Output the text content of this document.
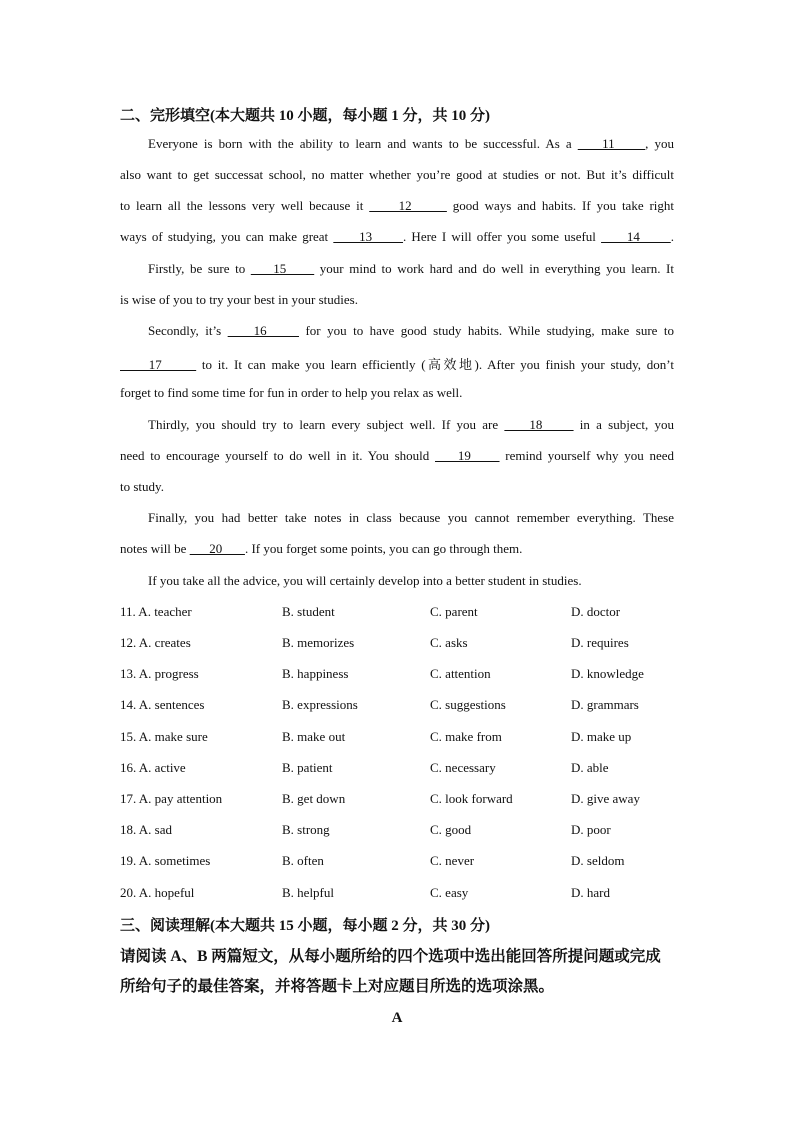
二、完形填空(本大题共 10 小题，每小题 1 分，共 10 分)
Everyone is born with the ability to learn and wants to be successful. As a     11     , you
also want to get successat school, no matter whether you’re good at studies or not. But it’s difficult
to learn all the lessons very well because it      12       good ways and habits. If you take right
ways of studying, you can make great      13      . Here I will offer you some useful      14      .
Firstly, be sure to     15      your mind to work hard and do well in everything you learn. It
is wise of you to try your best in your studies.
Secondly, it’s     16      for you to have good study habits. While studying, make sure to
17       to it. It can make you learn efficiently (高效地). After you finish your study, don’t
forget to find some time for fun in order to help you relax as well.
Thirdly, you should try to learn every subject well. If you are     18      in a subject, you
need to encourage yourself to do well in it. You should     19      remind yourself why you need
to study.
Finally, you had better take notes in class because you cannot remember everything. These
notes will be       20       . If you forget some points, you can go through them.
If you take all the advice, you will certainly develop into a better student in studies.
11. A. teacher	B. student	C. parent	D. doctor
12. A. creates	B. memorizes	C. asks	D. requires
13. A. progress	B. happiness	C. attention	D. knowledge
14. A. sentences	B. expressions	C. suggestions	D. grammars
15. A. make sure	B. make out	C. make from	D. make up
16. A. active	B. patient	C. necessary	D. able
17. A. pay attention	B. get down	C. look forward	D. give away
18. A. sad	B. strong	C. good	D. poor
19. A. sometimes	B. often	C. never	D. seldom
20. A. hopeful	B. helpful	C. easy	D. hard
三、阅读理解(本大题共 15 小题，每小题 2 分，共 30 分)
请阅读 A、B 两篇短文，从每小题所给的四个选项中选出能回答所提问题或完成
所给句子的最佳答案，并将答题卡上对应题目所选的选项涂黑。
A
